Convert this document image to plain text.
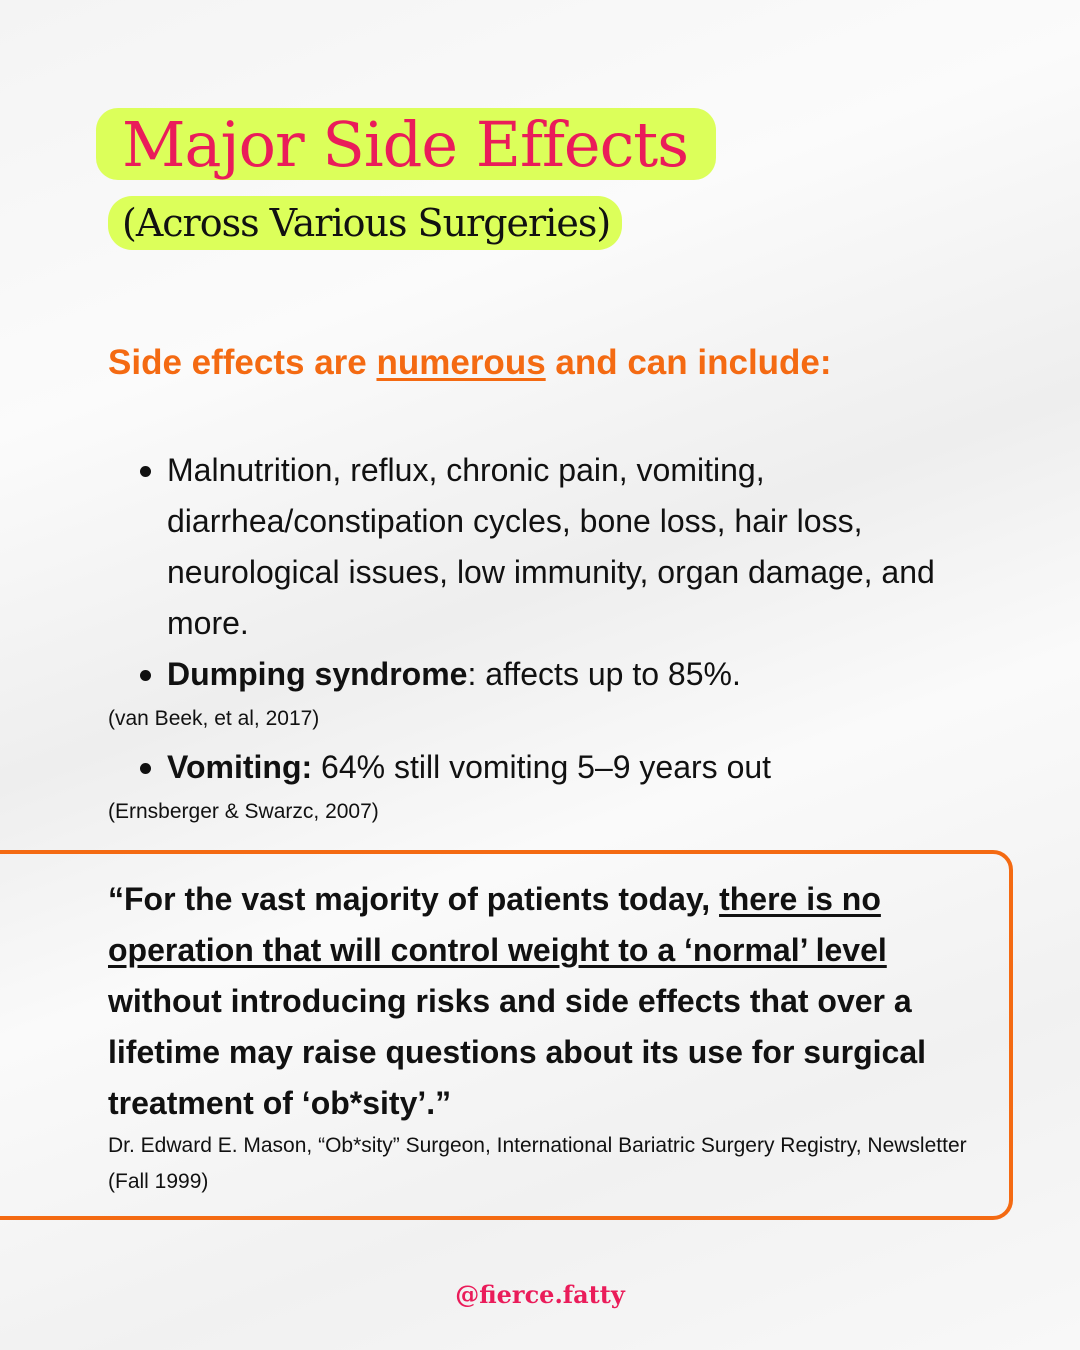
Major Side Effects
(Across Various Surgeries)
Side effects are numerous and can include:
Malnutrition, reflux, chronic pain, vomiting, diarrhea/constipation cycles, bone loss, hair loss, neurological issues, low immunity, organ damage, and more.
Dumping syndrome: affects up to 85%.
(van Beek, et al, 2017)
Vomiting: 64% still vomiting 5–9 years out
(Ernsberger & Swarzc, 2007)
“For the vast majority of patients today, there is no operation that will control weight to a ‘normal’ level without introducing risks and side effects that over a lifetime may raise questions about its use for surgical treatment of ‘ob*sity’.”
Dr. Edward E. Mason, “Ob*sity” Surgeon, International Bariatric Surgery Registry, Newsletter (Fall 1999)
@fierce.fatty
